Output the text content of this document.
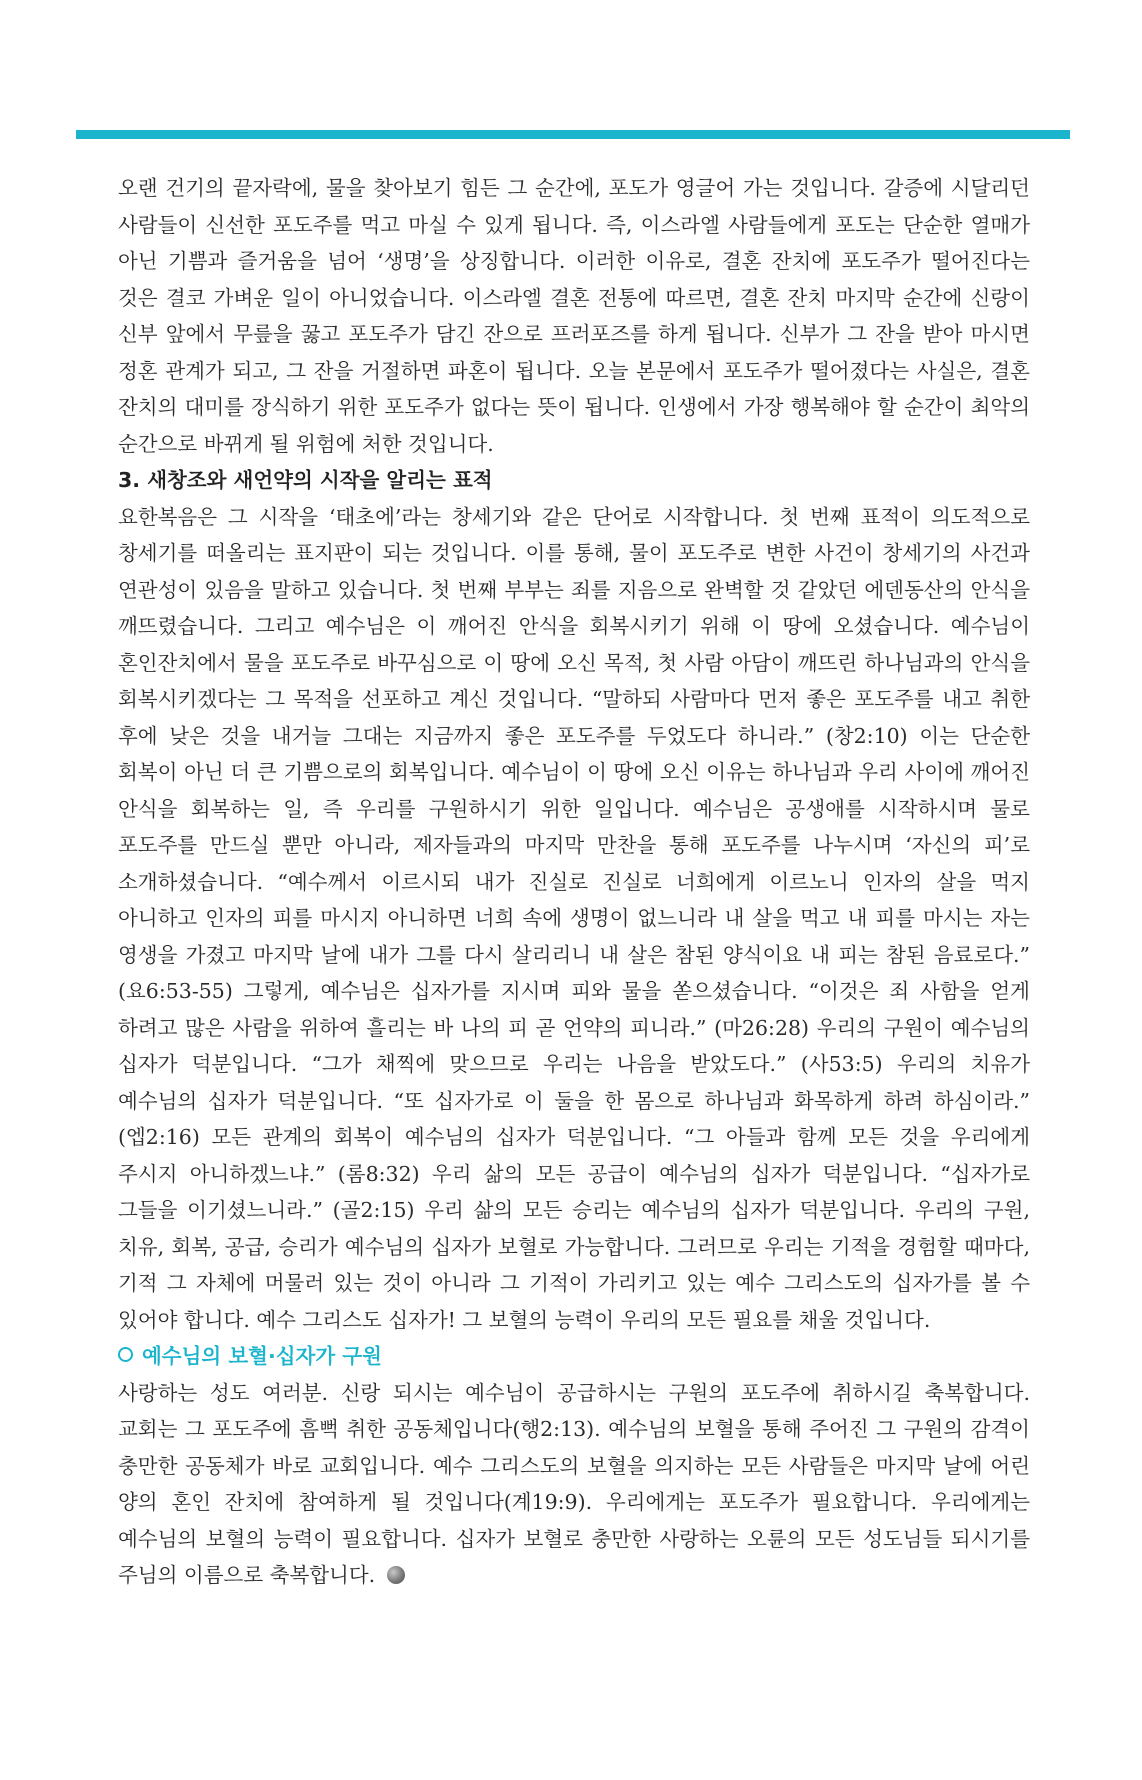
오랜 건기의 끝자락에, 물을 찾아보기 힘든 그 순간에, 포도가 영글어 가는 것입니다. 갈증에 시달리던 사람들이 신선한 포도주를 먹고 마실 수 있게 됩니다. 즉, 이스라엘 사람들에게 포도는 단순한 열매가 아닌 기쁨과 즐거움을 넘어 ‘생명’을 상징합니다. 이러한 이유로, 결혼 잔치에 포도주가 떨어진다는 것은 결코 가벼운 일이 아니었습니다. 이스라엘 결혼 전통에 따르면, 결혼 잔치 마지막 순간에 신랑이 신부 앞에서 무릎을 꿇고 포도주가 담긴 잔으로 프러포즈를 하게 됩니다. 신부가 그 잔을 받아 마시면 정혼 관계가 되고, 그 잔을 거절하면 파혼이 됩니다. 오늘 본문에서 포도주가 떨어졌다는 사실은, 결혼 잔치의 대미를 장식하기 위한 포도주가 없다는 뜻이 됩니다. 인생에서 가장 행복해야 할 순간이 최악의 순간으로 바뀌게 될 위험에 처한 것입니다.

3. 새창조와 새언약의 시작을 알리는 표적

요한복음은 그 시작을 ‘태초에’라는 창세기와 같은 단어로 시작합니다. 첫 번째 표적이 의도적으로 창세기를 떠올리는 표지판이 되는 것입니다. 이를 통해, 물이 포도주로 변한 사건이 창세기의 사건과 연관성이 있음을 말하고 있습니다. 첫 번째 부부는 죄를 지음으로 완벽할 것 같았던 에덴동산의 안식을 깨뜨렸습니다. 그리고 예수님은 이 깨어진 안식을 회복시키기 위해 이 땅에 오셨습니다. 예수님이 혼인잔치에서 물을 포도주로 바꾸심으로 이 땅에 오신 목적, 첫 사람 아담이 깨뜨린 하나님과의 안식을 회복시키겠다는 그 목적을 선포하고 계신 것입니다. “말하되 사람마다 먼저 좋은 포도주를 내고 취한 후에 낮은 것을 내거늘 그대는 지금까지 좋은 포도주를 두었도다 하니라.” (창2:10) 이는 단순한 회복이 아닌 더 큰 기쁨으로의 회복입니다. 예수님이 이 땅에 오신 이유는 하나님과 우리 사이에 깨어진 안식을 회복하는 일, 즉 우리를 구원하시기 위한 일입니다. 예수님은 공생애를 시작하시며 물로 포도주를 만드실 뿐만 아니라, 제자들과의 마지막 만찬을 통해 포도주를 나누시며 ‘자신의 피’로 소개하셨습니다. “예수께서 이르시되 내가 진실로 진실로 너희에게 이르노니 인자의 살을 먹지 아니하고 인자의 피를 마시지 아니하면 너희 속에 생명이 없느니라 내 살을 먹고 내 피를 마시는 자는 영생을 가졌고 마지막 날에 내가 그를 다시 살리리니 내 살은 참된 양식이요 내 피는 참된 음료로다.” (요6:53-55) 그렇게, 예수님은 십자가를 지시며 피와 물을 쏟으셨습니다. “이것은 죄 사함을 얻게 하려고 많은 사람을 위하여 흘리는 바 나의 피 곧 언약의 피니라.” (마26:28) 우리의 구원이 예수님의 십자가 덕분입니다. “그가 채찍에 맞으므로 우리는 나음을 받았도다.” (사53:5) 우리의 치유가 예수님의 십자가 덕분입니다. “또 십자가로 이 둘을 한 몸으로 하나님과 화목하게 하려 하심이라.” (엡2:16) 모든 관계의 회복이 예수님의 십자가 덕분입니다. “그 아들과 함께 모든 것을 우리에게 주시지 아니하겠느냐.” (롬8:32) 우리 삶의 모든 공급이 예수님의 십자가 덕분입니다. “십자가로 그들을 이기셨느니라.” (골2:15) 우리 삶의 모든 승리는 예수님의 십자가 덕분입니다. 우리의 구원, 치유, 회복, 공급, 승리가 예수님의 십자가 보혈로 가능합니다. 그러므로 우리는 기적을 경험할 때마다, 기적 그 자체에 머물러 있는 것이 아니라 그 기적이 가리키고 있는 예수 그리스도의 십자가를 볼 수 있어야 합니다. 예수 그리스도 십자가! 그 보혈의 능력이 우리의 모든 필요를 채울 것입니다.

예수님의 보혈·십자가 구원

사랑하는 성도 여러분. 신랑 되시는 예수님이 공급하시는 구원의 포도주에 취하시길 축복합니다. 교회는 그 포도주에 흠뻑 취한 공동체입니다(행2:13). 예수님의 보혈을 통해 주어진 그 구원의 감격이 충만한 공동체가 바로 교회입니다. 예수 그리스도의 보혈을 의지하는 모든 사람들은 마지막 날에 어린 양의 혼인 잔치에 참여하게 될 것입니다(계19:9). 우리에게는 포도주가 필요합니다. 우리에게는 예수님의 보혈의 능력이 필요합니다. 십자가 보혈로 충만한 사랑하는 오륜의 모든 성도님들 되시기를 주님의 이름으로 축복합니다.
